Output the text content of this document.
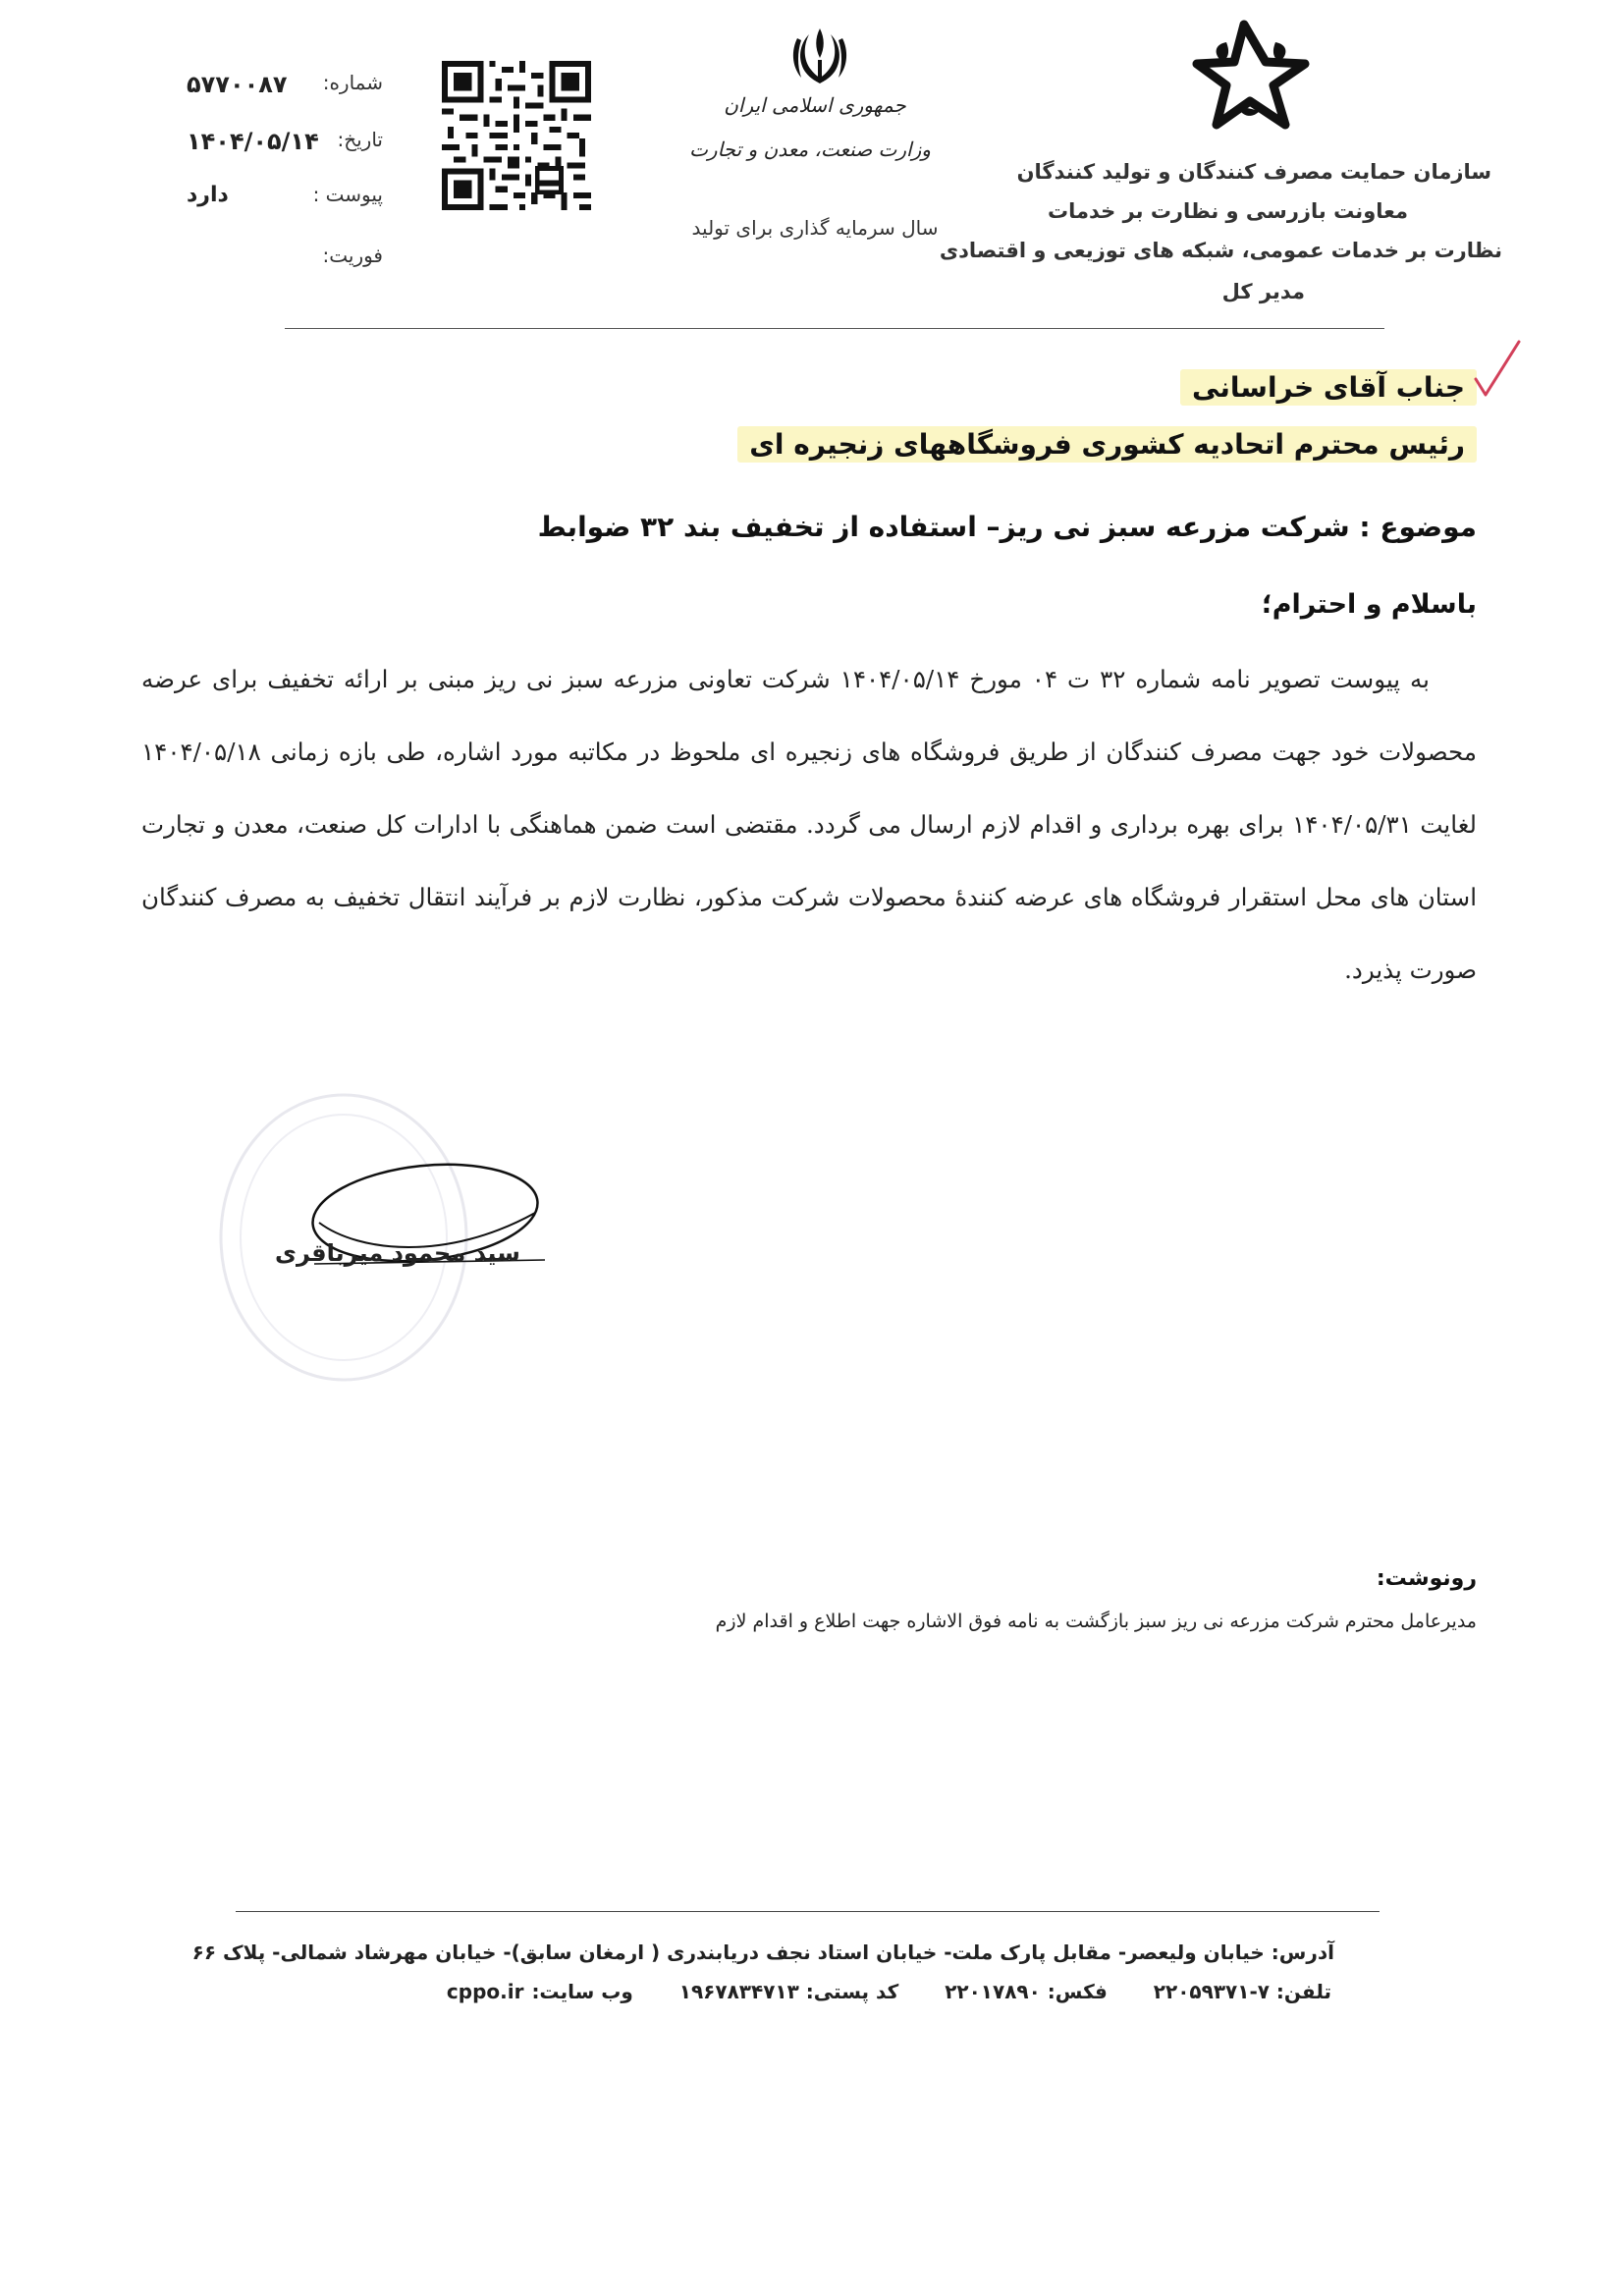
شماره:
۵۷۷۰۰۸۷
تاریخ:
۱۴۰۴/۰۵/۱۴
پیوست :
دارد
فوریت:
جمهوری اسلامی ایران
وزارت صنعت، معدن و تجارت
سال سرمایه گذاری برای تولید
سازمان حمایت مصرف کنندگان و تولید کنندگان
معاونت بازرسی و نظارت بر خدمات
نظارت بر خدمات عمومی، شبکه های توزیعی و اقتصادی
مدیر کل
جناب آقای خراسانی
رئیس محترم اتحادیه کشوری فروشگاههای زنجیره ای
موضوع : شرکت مزرعه سبز نی ریز– استفاده از تخفیف بند ۳۲ ضوابط
باسلام و احترام؛

به پیوست تصویر نامه شماره ۳۲ ت ۰۴ مورخ ۱۴۰۴/۰۵/۱۴ شرکت تعاونی مزرعه سبز نی ریز مبنی بر ارائه تخفیف برای عرضه محصولات خود جهت مصرف کنندگان از طریق فروشگاه های زنجیره ای ملحوظ در مکاتبه مورد اشاره، طی بازه زمانی ۱۴۰۴/۰۵/۱۸ لغایت ۱۴۰۴/۰۵/۳۱ برای بهره برداری و اقدام لازم ارسال می گردد. مقتضی است ضمن هماهنگی با ادارات کل صنعت، معدن و تجارت استان های محل استقرار فروشگاه های عرضه کنندۀ محصولات شرکت مذکور، نظارت لازم بر فرآیند انتقال تخفیف به مصرف کنندگان صورت پذیرد.

سید محمود میرباقری
رونوشت:
مدیرعامل محترم شرکت مزرعه نی ریز سبز بازگشت به نامه فوق الاشاره جهت اطلاع و اقدام لازم
آدرس: خیابان ولیعصر- مقابل پارک ملت- خیابان استاد نجف دریابندری ( ارمغان سابق)- خیابان مهرشاد شمالی- پلاک ۶۶
تلفن: ۷-۲۲۰۵۹۳۷۱ فکس: ۲۲۰۱۷۸۹۰ کد پستی: ۱۹۶۷۸۳۴۷۱۳ وب سایت:cppo.ir
